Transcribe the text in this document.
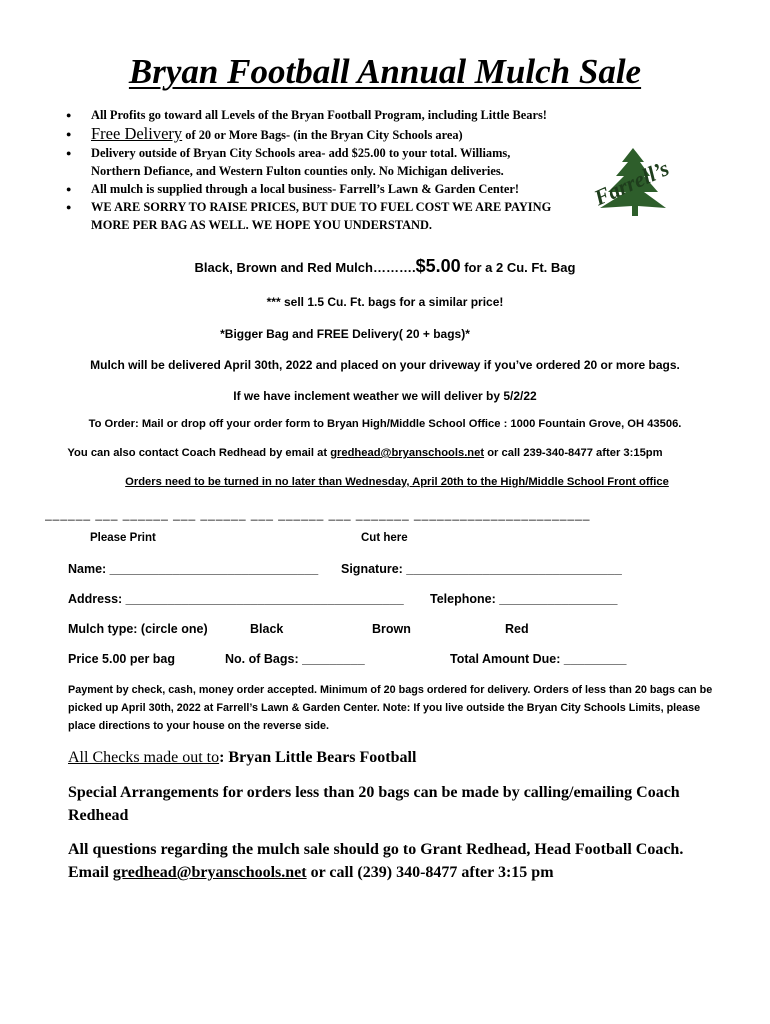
Bryan Football Annual Mulch Sale
● All Profits go toward all Levels of the Bryan Football Program, including Little Bears!
● Free Delivery of 20 or More Bags- (in the Bryan City Schools area)
● Delivery outside of Bryan City Schools area- add $25.00 to your total. Williams, Northern Defiance, and Western Fulton counties only. No Michigan deliveries.
● All mulch is supplied through a local business- Farrell’s Lawn & Garden Center!
● WE ARE SORRY TO RAISE PRICES, BUT DUE TO FUEL COST WE ARE PAYING MORE PER BAG AS WELL. WE HOPE YOU UNDERSTAND.
Farrell’s
Black, Brown and Red Mulch……….$5.00 for a 2 Cu. Ft. Bag
*** sell 1.5 Cu. Ft. bags for a similar price!
*Bigger Bag and FREE Delivery( 20 + bags)*
Mulch will be delivered April 30th, 2022 and placed on your driveway if you’ve ordered 20 or more bags.
If we have inclement weather we will deliver by 5/2/22
To Order: Mail or drop off your order form to Bryan High/Middle School Office : 1000 Fountain Grove, OH 43506.
You can also contact Coach Redhead by email at gredhead@bryanschools.net or call 239-340-8477 after 3:15pm
Orders need to be turned in no later than Wednesday, April 20th to the High/Middle School Front office
______ ___ ______ ___ ______ ___ ______ ___ _______ _______________________
Please Print	Cut here
Name: ______________________________ Signature: _______________________________
Address: ________________________________________ Telephone: _________________
Mulch type: (circle one)	Black	Brown	Red
Price 5.00 per bag	No. of Bags: _________	Total Amount Due: _________
Payment by check, cash, money order accepted. Minimum of 20 bags ordered for delivery. Orders of less than 20 bags can be picked up April 30th, 2022 at Farrell’s Lawn & Garden Center. Note: If you live outside the Bryan City Schools Limits, please place directions to your house on the reverse side.
All Checks made out to: Bryan Little Bears Football
Special Arrangements for orders less than 20 bags can be made by calling/emailing Coach Redhead
All questions regarding the mulch sale should go to Grant Redhead, Head Football Coach. Email gredhead@bryanschools.net or call (239) 340-8477 after 3:15 pm
